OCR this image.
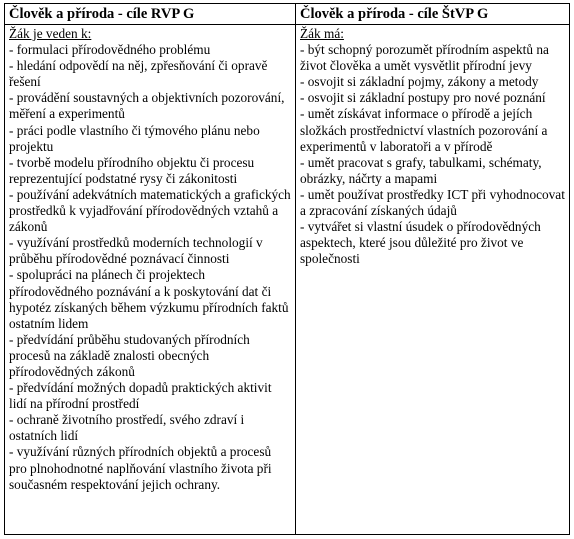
Člověk a příroda - cíle RVP G	Člověk a příroda - cíle ŠtVP G
Žák je veden k:
- formulaci přírodovědného problému
- hledání odpovědí na něj, zpřesňování či opravě řešení
- provádění soustavných a objektivních pozorování, měření a experimentů
- práci podle vlastního či týmového plánu nebo projektu
- tvorbě modelu přírodního objektu či procesu reprezentující podstatné rysy či zákonitosti
- používání adekvátních matematických a grafických prostředků k vyjadřování přírodovědných vztahů a zákonů
- využívání prostředků moderních technologií v průběhu přírodovědné poznávací činnosti
- spolupráci na plánech či projektech přírodovědného poznávání a k poskytování dat či hypotéz získaných během výzkumu přírodních faktů ostatním lidem
- předvídání průběhu studovaných přírodních procesů na základě znalosti obecných přírodovědných zákonů
- předvídání možných dopadů praktických aktivit lidí na přírodní prostředí
- ochraně životního prostředí, svého zdraví i ostatních lidí
- využívání různých přírodních objektů a procesů pro plnohodnotné naplňování vlastního života při současném respektování jejich ochrany.
Žák má:
- být schopný porozumět přírodním aspektů na život člověka a umět vysvětlit přírodní jevy
- osvojit si základní pojmy, zákony a metody
- osvojit si základní postupy pro nové poznání
- umět získávat informace o přírodě a jejích složkách prostřednictví vlastních pozorování a experimentů v laboratoři a v přírodě
- umět pracovat s grafy, tabulkami, schématy, obrázky, náčrty a mapami
- umět používat prostředky ICT při vyhodnocovat a zpracování získaných údajů
- vytvářet si vlastní úsudek o přírodovědných aspektech, které jsou důležité pro život ve společnosti
